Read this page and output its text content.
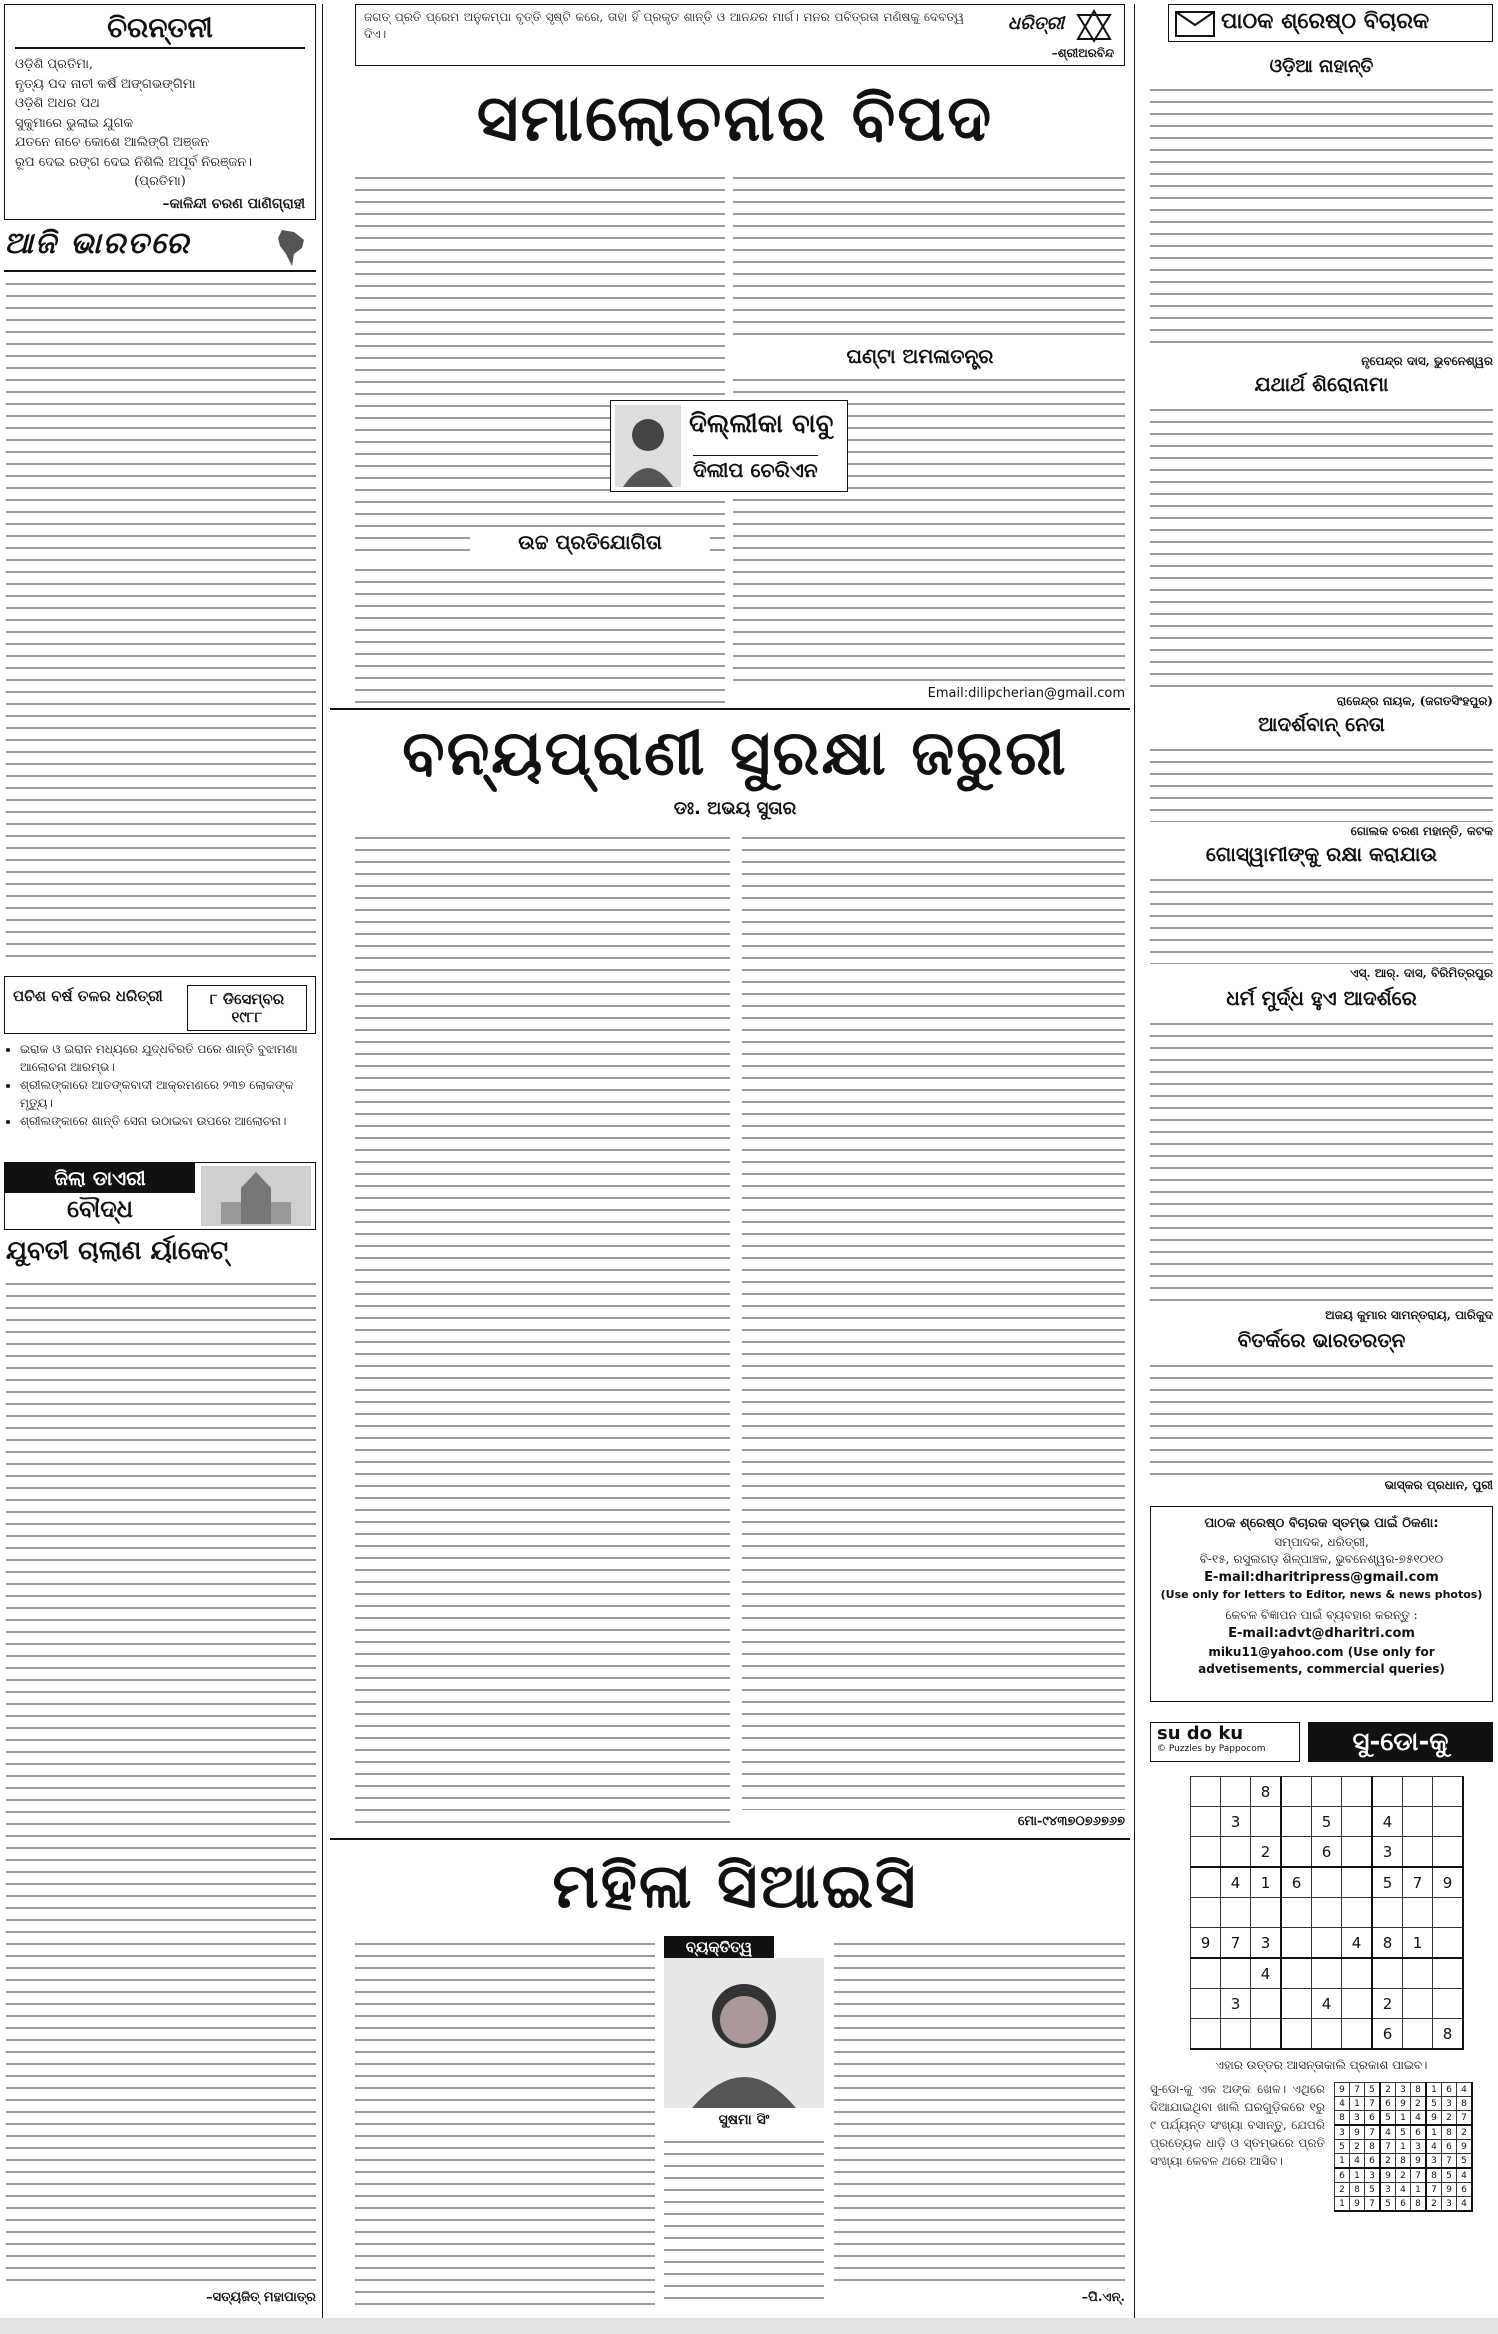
ଚିରନ୍ତନୀ
ଓଡ଼ିଶି ପ୍ରତିମା,
ନୃତ୍ୟ ପଦ ନାଚୀ କର୍ଷି ଅଙ୍ଗଭଙ୍ଗିମା
ଓଡ଼ିଶି ଅଧର ପଥ
ସୁକୁମାରେ ଭୁଲାଇ ଯୁଗକ
ଯତନେ ନାଚେ କୋଶେ ଆଲିଙ୍ଗି ଅଞ୍ଜନ
ରୂପ ଦେଇ ରଙ୍ଗ ଦେଇ ନିଶିଲି ଅପୂର୍ବ ନିରଞ୍ଜନ।
(ପ୍ରତିମା)
–କାଳିନ୍ଦୀ ଚରଣ ପାଣିଗ୍ରାହୀ
ଆଜି ଭାରତରେ
ପଚିଶ ବର୍ଷ ତଳର ଧରିତ୍ରୀ	୮ ଡିସେମ୍ବର ୧୯୮୮
• ଇରାକ ଓ ଇରାନ ମଧ୍ୟରେ ଯୁଦ୍ଧବିରତି ପରେ ଶାନ୍ତି ବୁଝାମଣା ଆଲୋଚନା ଆରମ୍ଭ।
• ଶ୍ରୀଲଙ୍କାରେ ଆତଙ୍କବାଦୀ ଆକ୍ରମଣରେ ୨୩୭ ଲୋକଙ୍କ ମୃତ୍ୟୁ।
• ଶ୍ରୀଲଙ୍କାରେ ଶାନ୍ତି ସେନା ଉଠାଇବା ଉପରେ ଆଲୋଚନା।
ଜିଲା ଡାଏରୀ
ବୌଦ୍ଧ
ଯୁବତୀ ଚାଲାଣ ର୍ୟାକେଟ୍
–ସତ୍ୟଜିତ୍ ମହାପାତ୍ର
ଜଗତ୍ ପ୍ରତି ପ୍ରେମ ଅନୁକମ୍ପା ବୃତ୍ତି ସୃଷ୍ଟି କରେ, ତାହା ହିଁ ପ୍ରକୃତ ଶାନ୍ତି ଓ ଆନନ୍ଦର ମାର୍ଗ। ମନର ପବିତ୍ରତା ମଣିଷକୁ ଦେବତ୍ୱ ଦିଏ।
–ଶ୍ରୀଅରବିନ୍ଦ
ଧରିତ୍ରୀ
ସମାଲୋଚନାର ବିପଦ
ଉଚ୍ଚ ପ୍ରତିଯୋଗିତା
ଘଣ୍ଟା ଅମଳାତନ୍ତ୍ର
ଦିଲ୍ଲୀକା ବାବୁ
ଦିଲୀପ ଚେରିଏନ
Email:dilipcherian@gmail.com
ବନ୍ୟପ୍ରାଣୀ ସୁରକ୍ଷା ଜରୁରୀ
ଡଃ. ଅଭୟ ସୁତାର
ମୋ-୯୪୩୭୦୭୬୭୬୭
ମହିଳା ସିଆଇସି
ବ୍ୟକ୍ତିତ୍ୱ
ସୁଷମା ସିଂ
–ପି.ଏନ୍.
ପାଠକ ଶ୍ରେଷ୍ଠ ବିଚାରକ
ଓଡ଼ିଆ ନାହାନ୍ତି
ନୃପେନ୍ଦ୍ର ଦାସ, ଭୁବନେଶ୍ୱର
ଯଥାର୍ଥ ଶିରୋନାମା
ରାଜେନ୍ଦ୍ର ନାୟକ, (ଜଗତସିଂହପୁର)
ଆଦର୍ଶବାନ୍ ନେତା
ଗୋଲକ ଚରଣ ମହାନ୍ତି, କଟକ
ଗୋସ୍ୱାମୀଙ୍କୁ ରକ୍ଷା କରାଯାଉ
ଏସ୍. ଆର୍. ଦାସ, ବିରିମିତ୍ରପୁର
ଧର୍ମ ମୁର୍ଦ୍ଧ ହୁଏ ଆଦର୍ଶରେ
ଅଜୟ କୁମାର ସାମନ୍ତରାୟ, ପାରିକୁଦ
ବିତର୍କରେ ଭାରତରତ୍ନ
ଭାସ୍କର ପ୍ରଧାନ, ପୁରୀ
ପାଠକ ଶ୍ରେଷ୍ଠ ବିଚାରକ ସ୍ତମ୍ଭ ପାଇଁ ଠିକଣା:
ସମ୍ପାଦକ, ଧରିତ୍ରୀ,
ବି-୧୫, ରସୁଲଗଡ଼ ଶିଳ୍ପାଞ୍ଚଳ, ଭୁବନେଶ୍ୱର-୭୫୧୦୧୦
E-mail:dharitripress@gmail.com
(Use only for letters to Editor, news & news photos)
କେବଳ ବିଜ୍ଞାପନ ପାଇଁ ବ୍ୟବହାର କରନ୍ତୁ :
E-mail:advt@dharitri.com
miku11@yahoo.com (Use only for advetisements, commercial queries)
su do ku
© Puzzles by Pappocom	ସୁ-ଡୋ-କୁ
		8						
	3			5		4		
		2		6		3		
	4	1	6			5	7	9

9	7	3			4	8	1	
		4						
	3			4		2		
						6		8
ଏହାର ଉତ୍ତର ଆସନ୍ତାକାଲି ପ୍ରକାଶ ପାଇବ।
ସୁ-ଡୋ-କୁ ଏକ ଅଙ୍କ ଖେଳ। ଏଥିରେ ଦିଆଯାଇଥିବା ଖାଲି ଘରଗୁଡ଼ିକରେ ୧ରୁ ୯ ପର୍ଯ୍ୟନ୍ତ ସଂଖ୍ୟା ବସାନ୍ତୁ, ଯେପରି ପ୍ରତ୍ୟେକ ଧାଡ଼ି ଓ ସ୍ତମ୍ଭରେ ପ୍ରତି ସଂଖ୍ୟା କେବଳ ଥରେ ଆସିବ।
9	7	5	2	3	8	1	6	4
4	1	7	6	9	2	5	3	8
8	3	6	5	1	4	9	2	7
3	9	7	4	5	6	1	8	2
5	2	8	7	1	3	4	6	9
1	4	6	2	8	9	3	7	5
6	1	3	9	2	7	8	5	4
2	8	5	3	4	1	7	9	6
1	9	7	5	6	8	2	3	4
